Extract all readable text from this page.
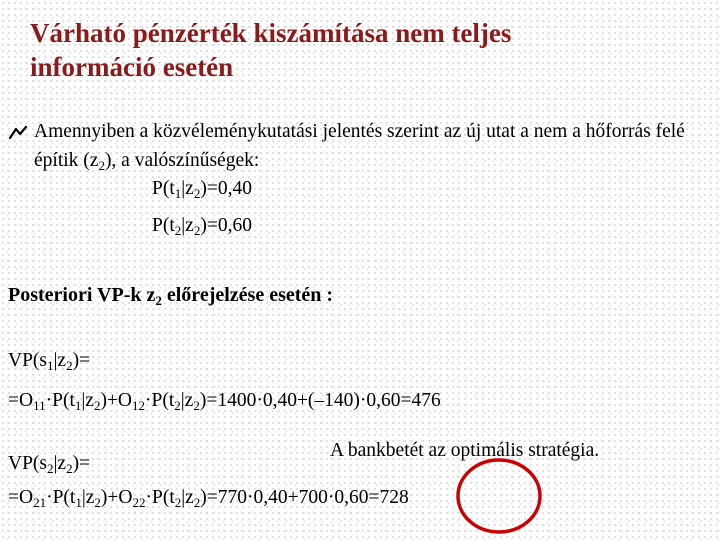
Várható pénzérték kiszámítása nem teljes
információ esetén
Amennyiben a közvéleménykutatási jelentés szerint az új utat a nem a hőforrás felé építik $(z_2)$, a valószínűségek:
$P(t_1|z_2)=0,40$
$P(t_2|z_2)=0,60$
Posteriori VP-k $z_2$ előrejelzése esetén :
$VP(s_1|z_2)=$
$=O_{11}\cdot P(t_1|z_2)+O_{12}\cdot P(t_2|z_2)=1400\cdot 0,40+(-140)\cdot 0,60=476$
A bankbetét az optimális stratégia.
$VP(s_2|z_2)=$
$=O_{21}\cdot P(t_1|z_2)+O_{22}\cdot P(t_2|z_2)=770\cdot 0,40+700\cdot 0,60=728$
